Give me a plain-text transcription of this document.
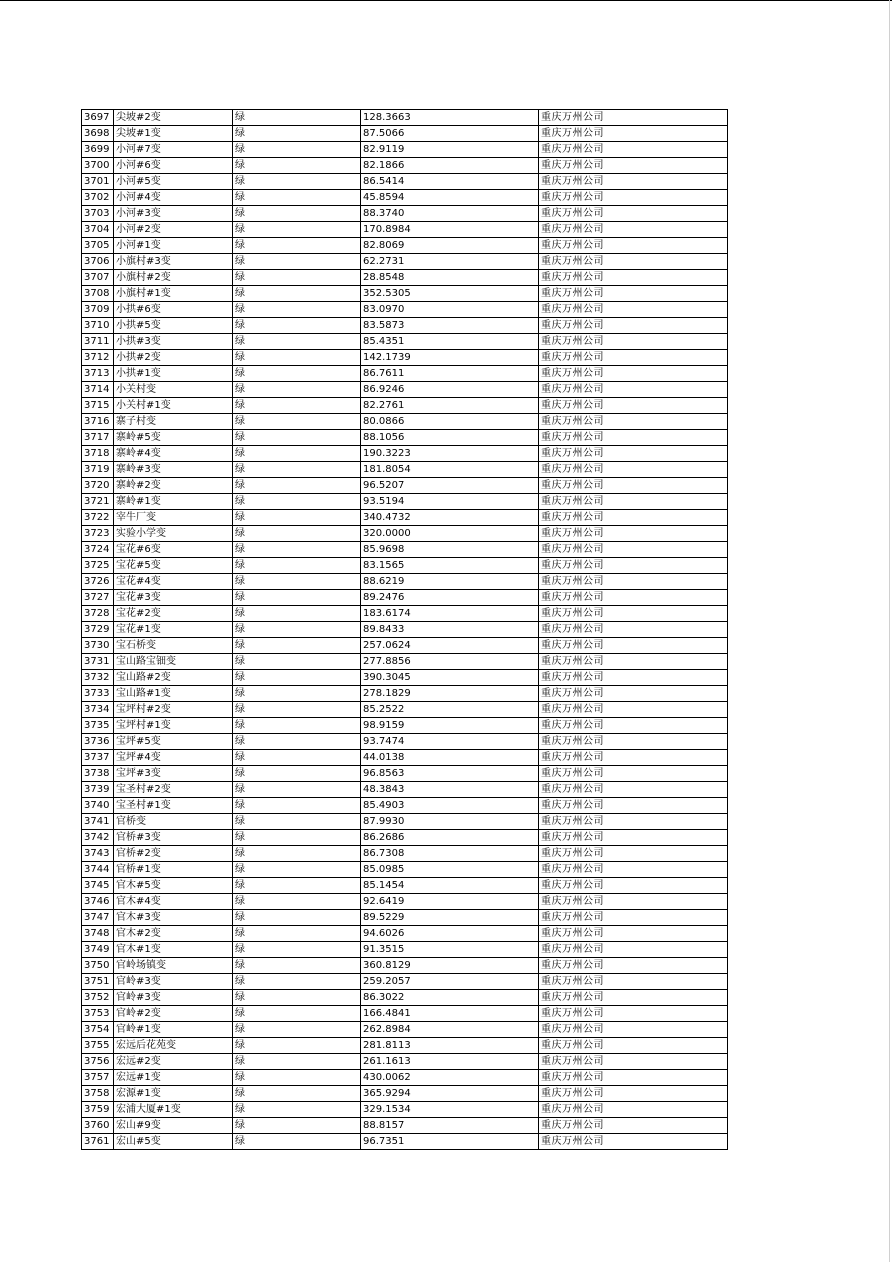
3697	尖坡#2变	绿	128.3663	重庆万州公司
3698	尖坡#1变	绿	87.5066	重庆万州公司
3699	小河#7变	绿	82.9119	重庆万州公司
3700	小河#6变	绿	82.1866	重庆万州公司
3701	小河#5变	绿	86.5414	重庆万州公司
3702	小河#4变	绿	45.8594	重庆万州公司
3703	小河#3变	绿	88.3740	重庆万州公司
3704	小河#2变	绿	170.8984	重庆万州公司
3705	小河#1变	绿	82.8069	重庆万州公司
3706	小旗村#3变	绿	62.2731	重庆万州公司
3707	小旗村#2变	绿	28.8548	重庆万州公司
3708	小旗村#1变	绿	352.5305	重庆万州公司
3709	小拱#6变	绿	83.0970	重庆万州公司
3710	小拱#5变	绿	83.5873	重庆万州公司
3711	小拱#3变	绿	85.4351	重庆万州公司
3712	小拱#2变	绿	142.1739	重庆万州公司
3713	小拱#1变	绿	86.7611	重庆万州公司
3714	小关村变	绿	86.9246	重庆万州公司
3715	小关村#1变	绿	82.2761	重庆万州公司
3716	寨子村变	绿	80.0866	重庆万州公司
3717	寨岭#5变	绿	88.1056	重庆万州公司
3718	寨岭#4变	绿	190.3223	重庆万州公司
3719	寨岭#3变	绿	181.8054	重庆万州公司
3720	寨岭#2变	绿	96.5207	重庆万州公司
3721	寨岭#1变	绿	93.5194	重庆万州公司
3722	宰牛厂变	绿	340.4732	重庆万州公司
3723	实验小学变	绿	320.0000	重庆万州公司
3724	宝花#6变	绿	85.9698	重庆万州公司
3725	宝花#5变	绿	83.1565	重庆万州公司
3726	宝花#4变	绿	88.6219	重庆万州公司
3727	宝花#3变	绿	89.2476	重庆万州公司
3728	宝花#2变	绿	183.6174	重庆万州公司
3729	宝花#1变	绿	89.8433	重庆万州公司
3730	宝石桥变	绿	257.0624	重庆万州公司
3731	宝山路宝钿变	绿	277.8856	重庆万州公司
3732	宝山路#2变	绿	390.3045	重庆万州公司
3733	宝山路#1变	绿	278.1829	重庆万州公司
3734	宝坪村#2变	绿	85.2522	重庆万州公司
3735	宝坪村#1变	绿	98.9159	重庆万州公司
3736	宝坪#5变	绿	93.7474	重庆万州公司
3737	宝坪#4变	绿	44.0138	重庆万州公司
3738	宝坪#3变	绿	96.8563	重庆万州公司
3739	宝圣村#2变	绿	48.3843	重庆万州公司
3740	宝圣村#1变	绿	85.4903	重庆万州公司
3741	官桥变	绿	87.9930	重庆万州公司
3742	官桥#3变	绿	86.2686	重庆万州公司
3743	官桥#2变	绿	86.7308	重庆万州公司
3744	官桥#1变	绿	85.0985	重庆万州公司
3745	官木#5变	绿	85.1454	重庆万州公司
3746	官木#4变	绿	92.6419	重庆万州公司
3747	官木#3变	绿	89.5229	重庆万州公司
3748	官木#2变	绿	94.6026	重庆万州公司
3749	官木#1变	绿	91.3515	重庆万州公司
3750	官岭场镇变	绿	360.8129	重庆万州公司
3751	官岭#3变	绿	259.2057	重庆万州公司
3752	官岭#3变	绿	86.3022	重庆万州公司
3753	官岭#2变	绿	166.4841	重庆万州公司
3754	官岭#1变	绿	262.8984	重庆万州公司
3755	宏远后花苑变	绿	281.8113	重庆万州公司
3756	宏远#2变	绿	261.1613	重庆万州公司
3757	宏远#1变	绿	430.0062	重庆万州公司
3758	宏源#1变	绿	365.9294	重庆万州公司
3759	宏浦大厦#1变	绿	329.1534	重庆万州公司
3760	宏山#9变	绿	88.8157	重庆万州公司
3761	宏山#5变	绿	96.7351	重庆万州公司
